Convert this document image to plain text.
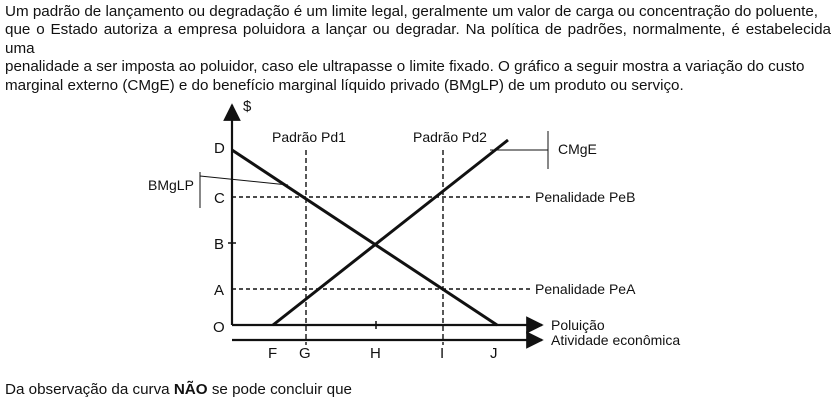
Um padrão de lançamento ou degradação é um limite legal, geralmente um valor de carga ou concentração do poluente,
que o Estado autoriza a empresa poluidora a lançar ou degradar. Na política de padrões, normalmente, é estabelecida uma
penalidade a ser imposta ao poluidor, caso ele ultrapasse o limite fixado. O gráfico a seguir mostra a variação do custo
marginal externo (CMgE) e do benefício marginal líquido privado (BMgLP) de um produto ou serviço.
$
O
A
B
C
D
Padrão Pd1	Padrão Pd2
Penalidade PeB
Penalidade PeA
CMgE
BMgLP
F G	H	I	J
Poluição
Atividade econômica
Da observação da curva NÃO se pode concluir que
